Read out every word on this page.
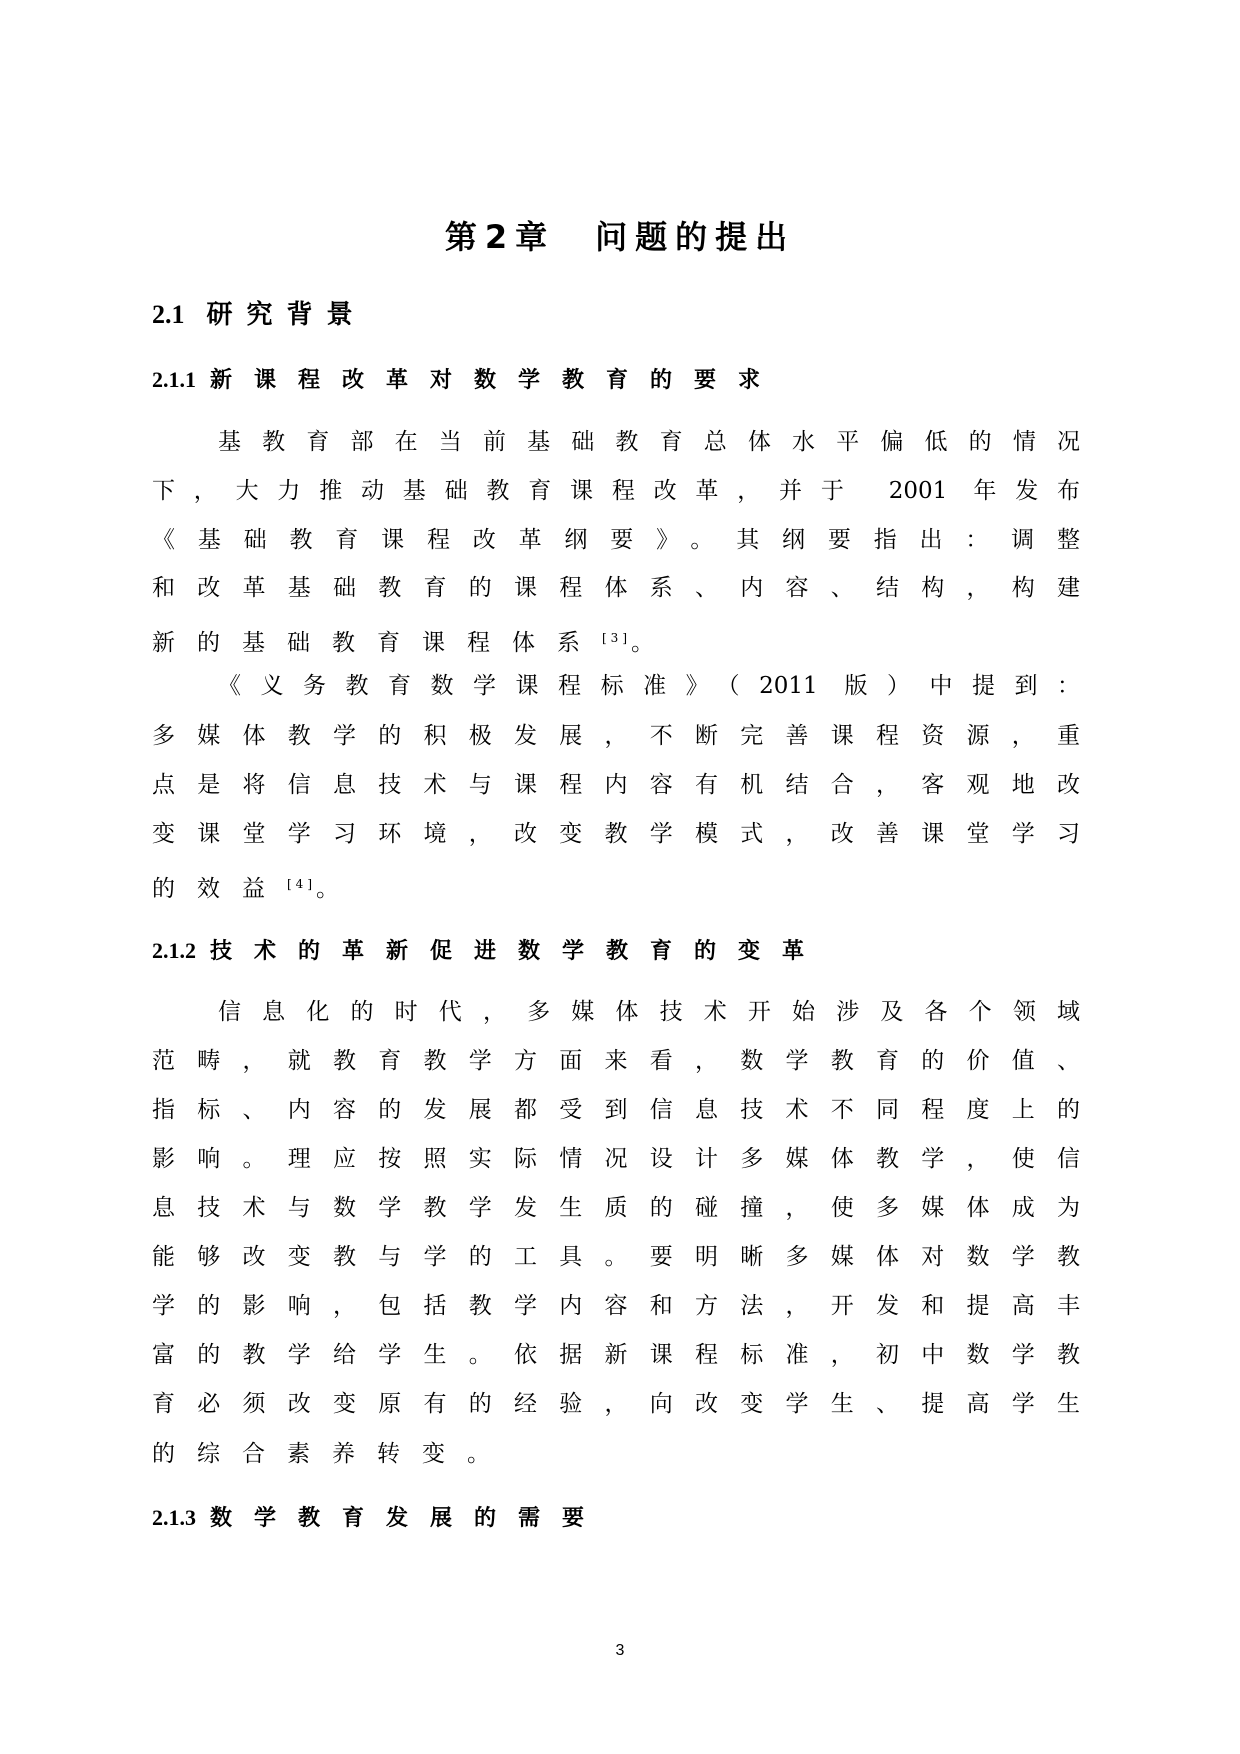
第2章 问题的提出
2.1 研究背景
2.1.1 新课程改革对数学教育的要求
基教育部在当前基础教育总体水平偏低的情况
下，大力推动基础教育课程改革，并于 2001 年发布
《基础教育课程改革纲要》。其纲要指出：调整
和改革基础教育的课程体系、内容、结构，构建
新的基础教育课程体系[3]。
《义务教育数学课程标准》（2011 版）中提到：
多媒体教学的积极发展，不断完善课程资源，重
点是将信息技术与课程内容有机结合，客观地改
变课堂学习环境，改变教学模式，改善课堂学习
的效益[4]。
2.1.2 技术的革新促进数学教育的变革
信息化的时代，多媒体技术开始涉及各个领域
范畴，就教育教学方面来看，数学教育的价值、
指标、内容的发展都受到信息技术不同程度上的
影响。理应按照实际情况设计多媒体教学，使信
息技术与数学教学发生质的碰撞，使多媒体成为
能够改变教与学的工具。要明晰多媒体对数学教
学的影响，包括教学内容和方法，开发和提高丰
富的教学给学生。依据新课程标准，初中数学教
育必须改变原有的经验，向改变学生、提高学生
的综合素养转变。
2.1.3 数学教育发展的需要
3
